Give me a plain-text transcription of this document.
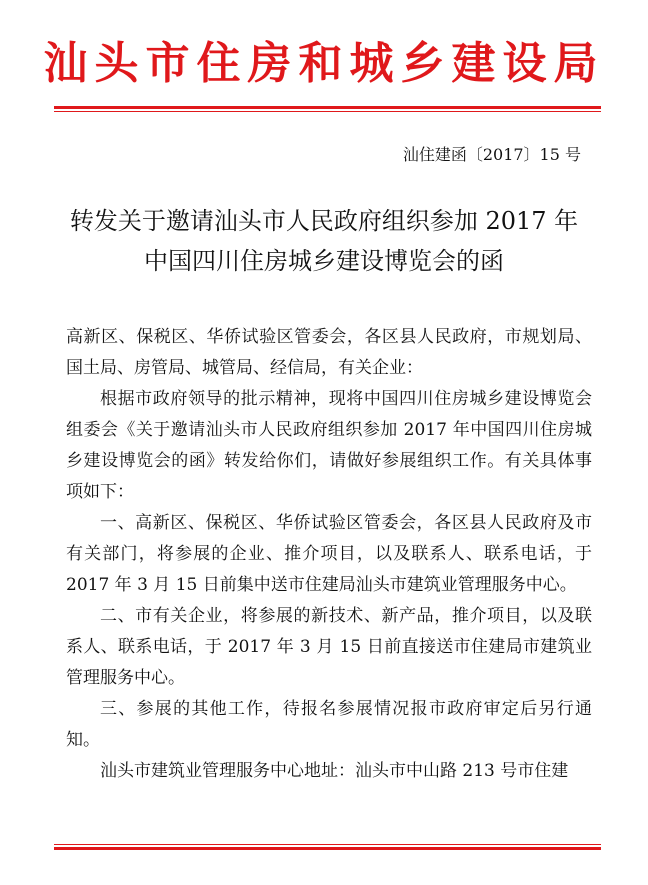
汕头市住房和城乡建设局
汕住建函〔2017〕15 号
转发关于邀请汕头市人民政府组织参加 2017 年
中国四川住房城乡建设博览会的函

高新区、保税区、华侨试验区管委会，各区县人民政府，市规划局、国土局、房管局、城管局、经信局，有关企业：

根据市政府领导的批示精神，现将中国四川住房城乡建设博览会组委会《关于邀请汕头市人民政府组织参加 2017 年中国四川住房城乡建设博览会的函》转发给你们，请做好参展组织工作。有关具体事项如下：

一、高新区、保税区、华侨试验区管委会，各区县人民政府及市有关部门，将参展的企业、推介项目，以及联系人、联系电话，于 2017 年 3 月 15 日前集中送市住建局汕头市建筑业管理服务中心。

二、市有关企业，将参展的新技术、新产品，推介项目，以及联系人、联系电话，于 2017 年 3 月 15 日前直接送市住建局市建筑业管理服务中心。

三、参展的其他工作，待报名参展情况报市政府审定后另行通知。

汕头市建筑业管理服务中心地址：汕头市中山路 213 号市住建
